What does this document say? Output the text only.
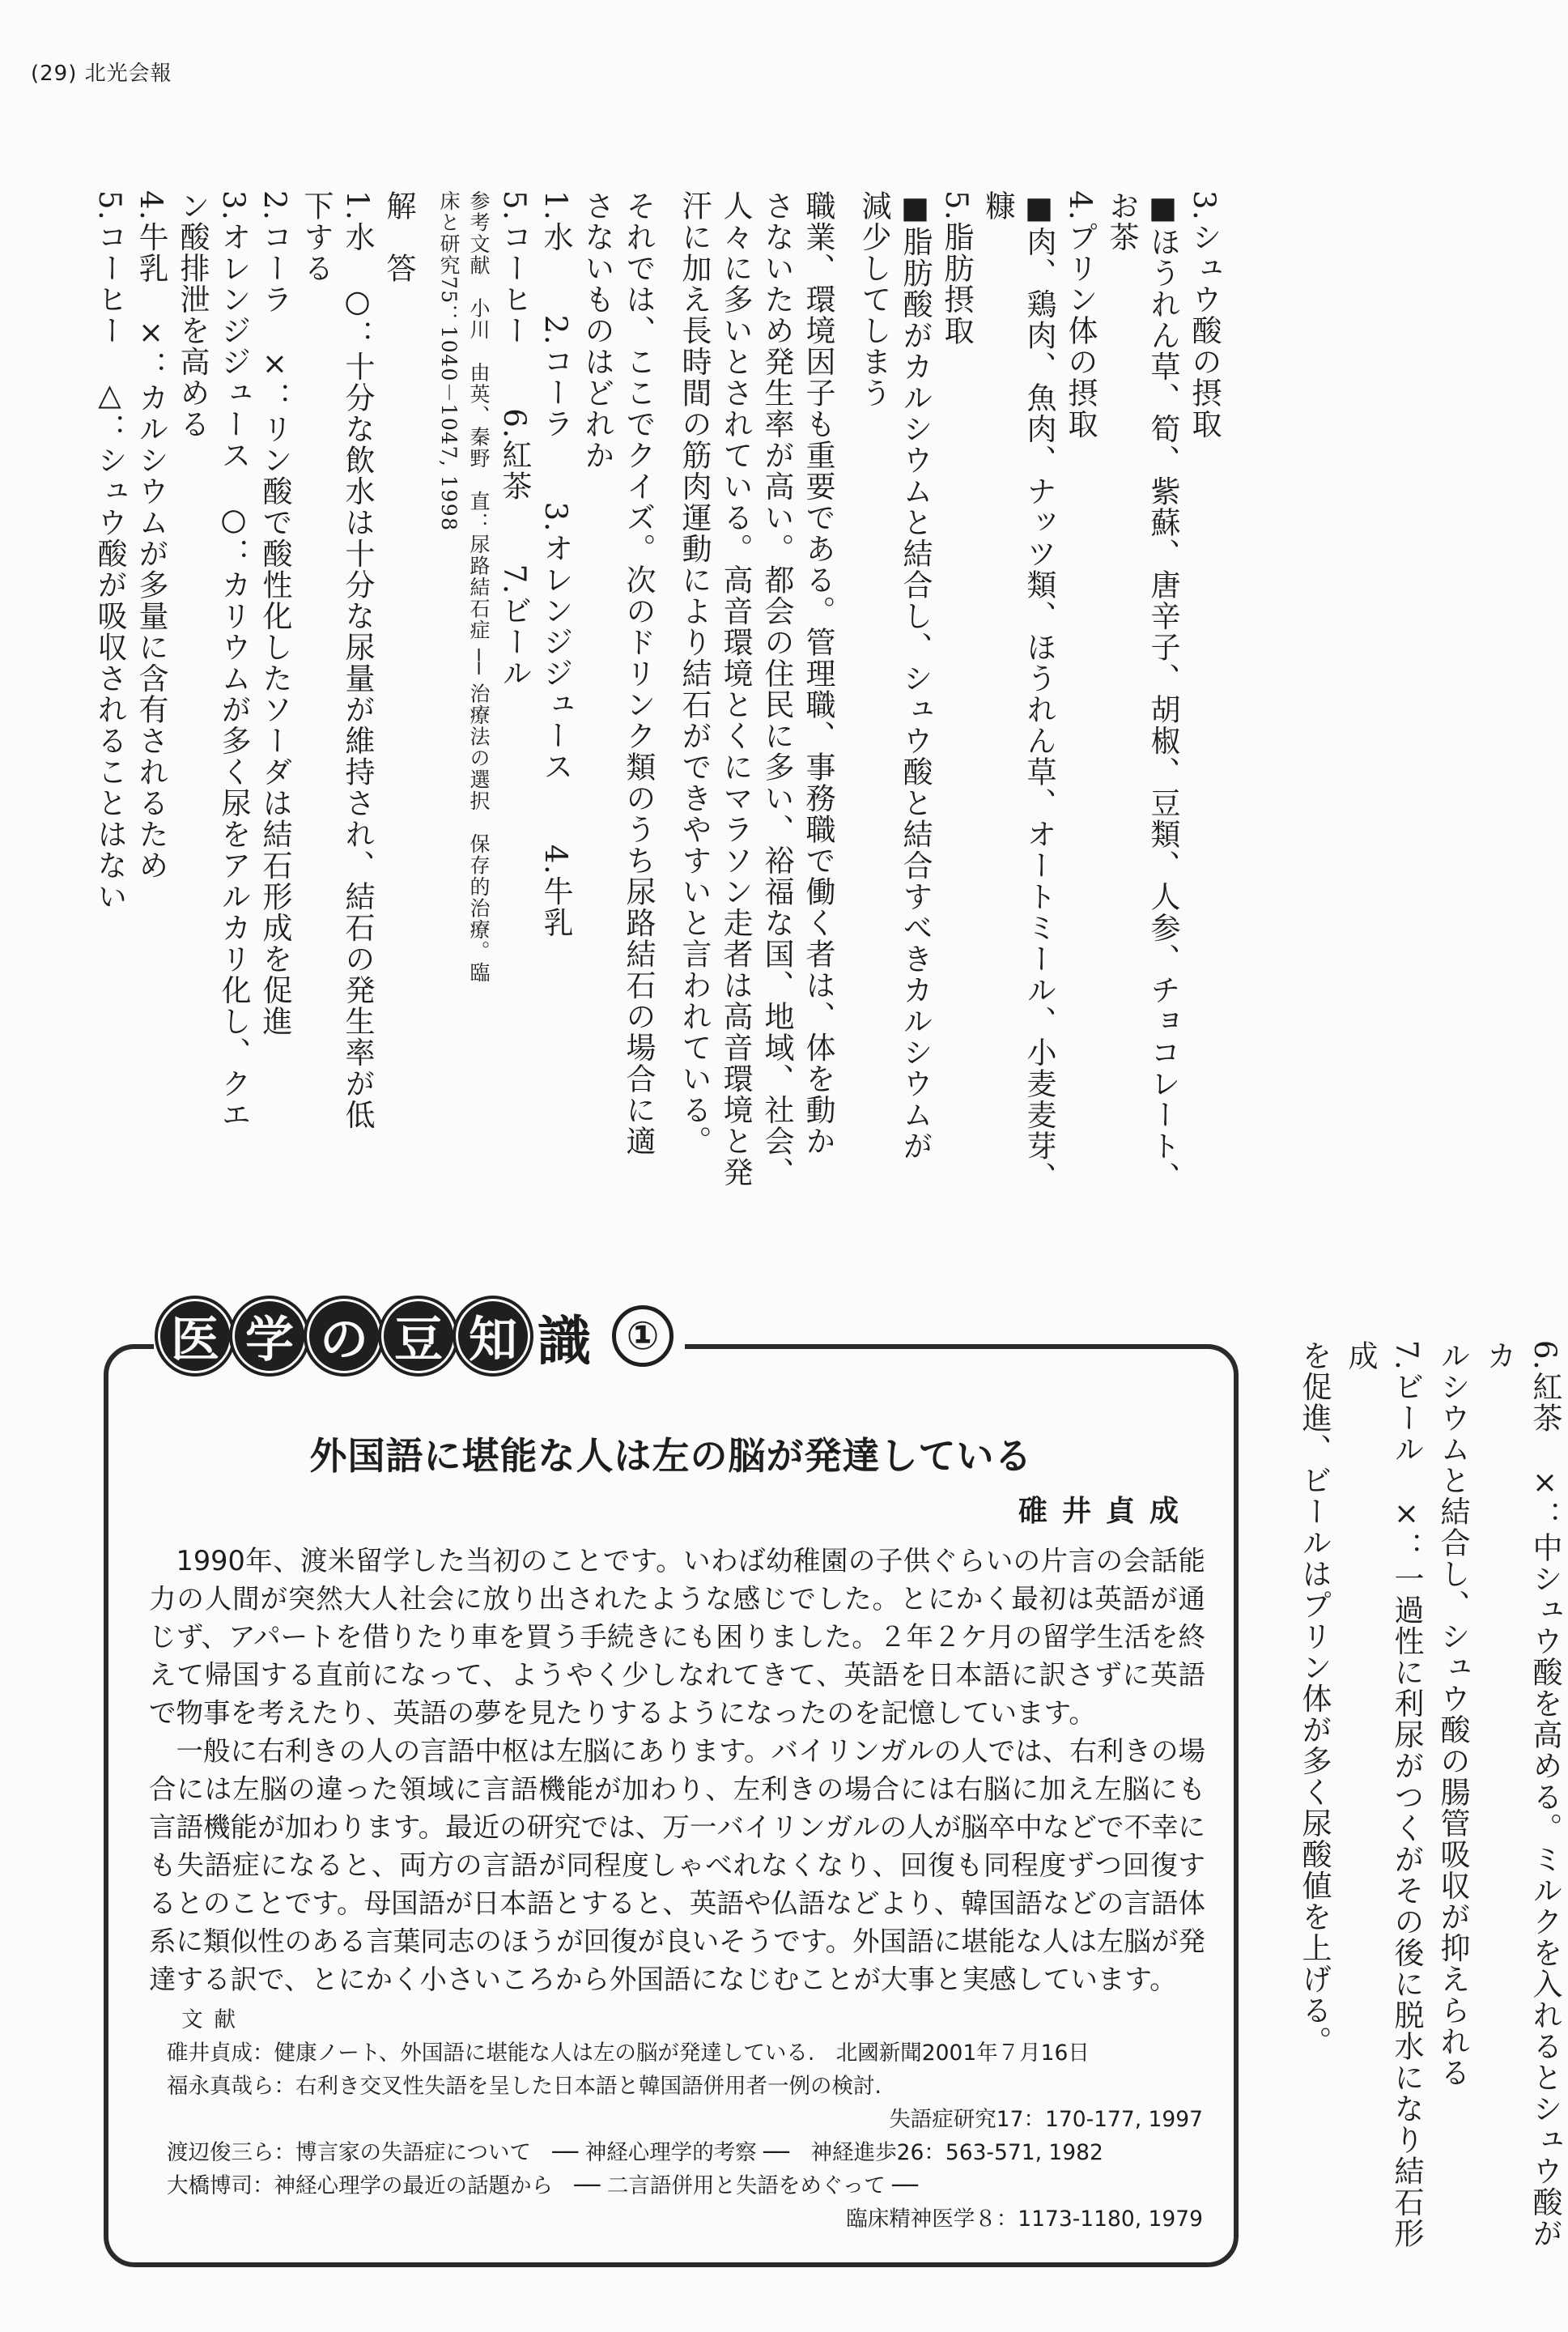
(29) 北光会報
3.シュウ酸の摂取
■ほうれん草、筍、紫蘇、唐辛子、胡椒、豆類、人参、チョコレート、
お茶
4.プリン体の摂取
■肉、鶏肉、魚肉、ナッツ類、ほうれん草、オートミール、小麦麦芽、
糠
5.脂肪摂取
■脂肪酸がカルシウムと結合し、シュウ酸と結合すべきカルシウムが
減少してしまう
職業、環境因子も重要である。管理職、事務職で働く者は、体を動か
さないため発生率が高い。都会の住民に多い、裕福な国、地域、社会、
人々に多いとされている。高音環境とくにマラソン走者は高音環境と発
汗に加え長時間の筋肉運動により結石ができやすいと言われている。
それでは、ここでクイズ。次のドリンク類のうち尿路結石の場合に適
さないものはどれか
1.水　　2.コーラ　　3.オレンジジュース　　4.牛乳
5.コーヒー　　6.紅茶　　7.ビール
参考文献　小川　由英、秦野　直：尿路結石症 ── 治療法の選択　保存的治療。臨
床と研究75：1040－1047, 1998
解　答
1.水　○：十分な飲水は十分な尿量が維持され、結石の発生率が低
下する
2.コーラ　×：リン酸で酸性化したソーダは結石形成を促進
3.オレンジジュース　○：カリウムが多く尿をアルカリ化し、クエ
ン酸排泄を高める
4.牛乳　×：カルシウムが多量に含有されるため
5.コーヒー　△：シュウ酸が吸収されることはない
6.紅茶　×：中シュウ酸を高める。ミルクを入れるとシュウ酸がカ
ルシウムと結合し、シュウ酸の腸管吸収が抑えられる
7.ビール　×：一過性に利尿がつくがその後に脱水になり結石形成
を促進、ビールはプリン体が多く尿酸値を上げる。
外国語に堪能な人は左の脳が発達している
碓井貞成

1990年、渡米留学した当初のことです。いわば幼稚園の子供ぐらいの片言の会話能力の人間が突然大人社会に放り出されたような感じでした。とにかく最初は英語が通じず、アパートを借りたり車を買う手続きにも困りました。２年２ケ月の留学生活を終えて帰国する直前になって、ようやく少しなれてきて、英語を日本語に訳さずに英語で物事を考えたり、英語の夢を見たりするようになったのを記憶しています。

一般に右利きの人の言語中枢は左脳にあります。バイリンガルの人では、右利きの場合には左脳の違った領域に言語機能が加わり、左利きの場合には右脳に加え左脳にも言語機能が加わります。最近の研究では、万一バイリンガルの人が脳卒中などで不幸にも失語症になると、両方の言語が同程度しゃべれなくなり、回復も同程度ずつ回復するとのことです。母国語が日本語とすると、英語や仏語などより、韓国語などの言語体系に類似性のある言葉同志のほうが回復が良いそうです。外国語に堪能な人は左脳が発達する訳で、とにかく小さいころから外国語になじむことが大事と実感しています。

文献
碓井貞成：健康ノート、外国語に堪能な人は左の脳が発達している.　北國新聞2001年７月16日
福永真哉ら：右利き交叉性失語を呈した日本語と韓国語併用者一例の検討.
失語症研究17：170-177, 1997
渡辺俊三ら：博言家の失語症について　── 神経心理学的考察 ──　神経進歩26：563-571, 1982
大橋博司：神経心理学の最近の話題から　── 二言語併用と失語をめぐって ──
臨床精神医学８：1173-1180, 1979
医 学 の 豆 知 識 ①
